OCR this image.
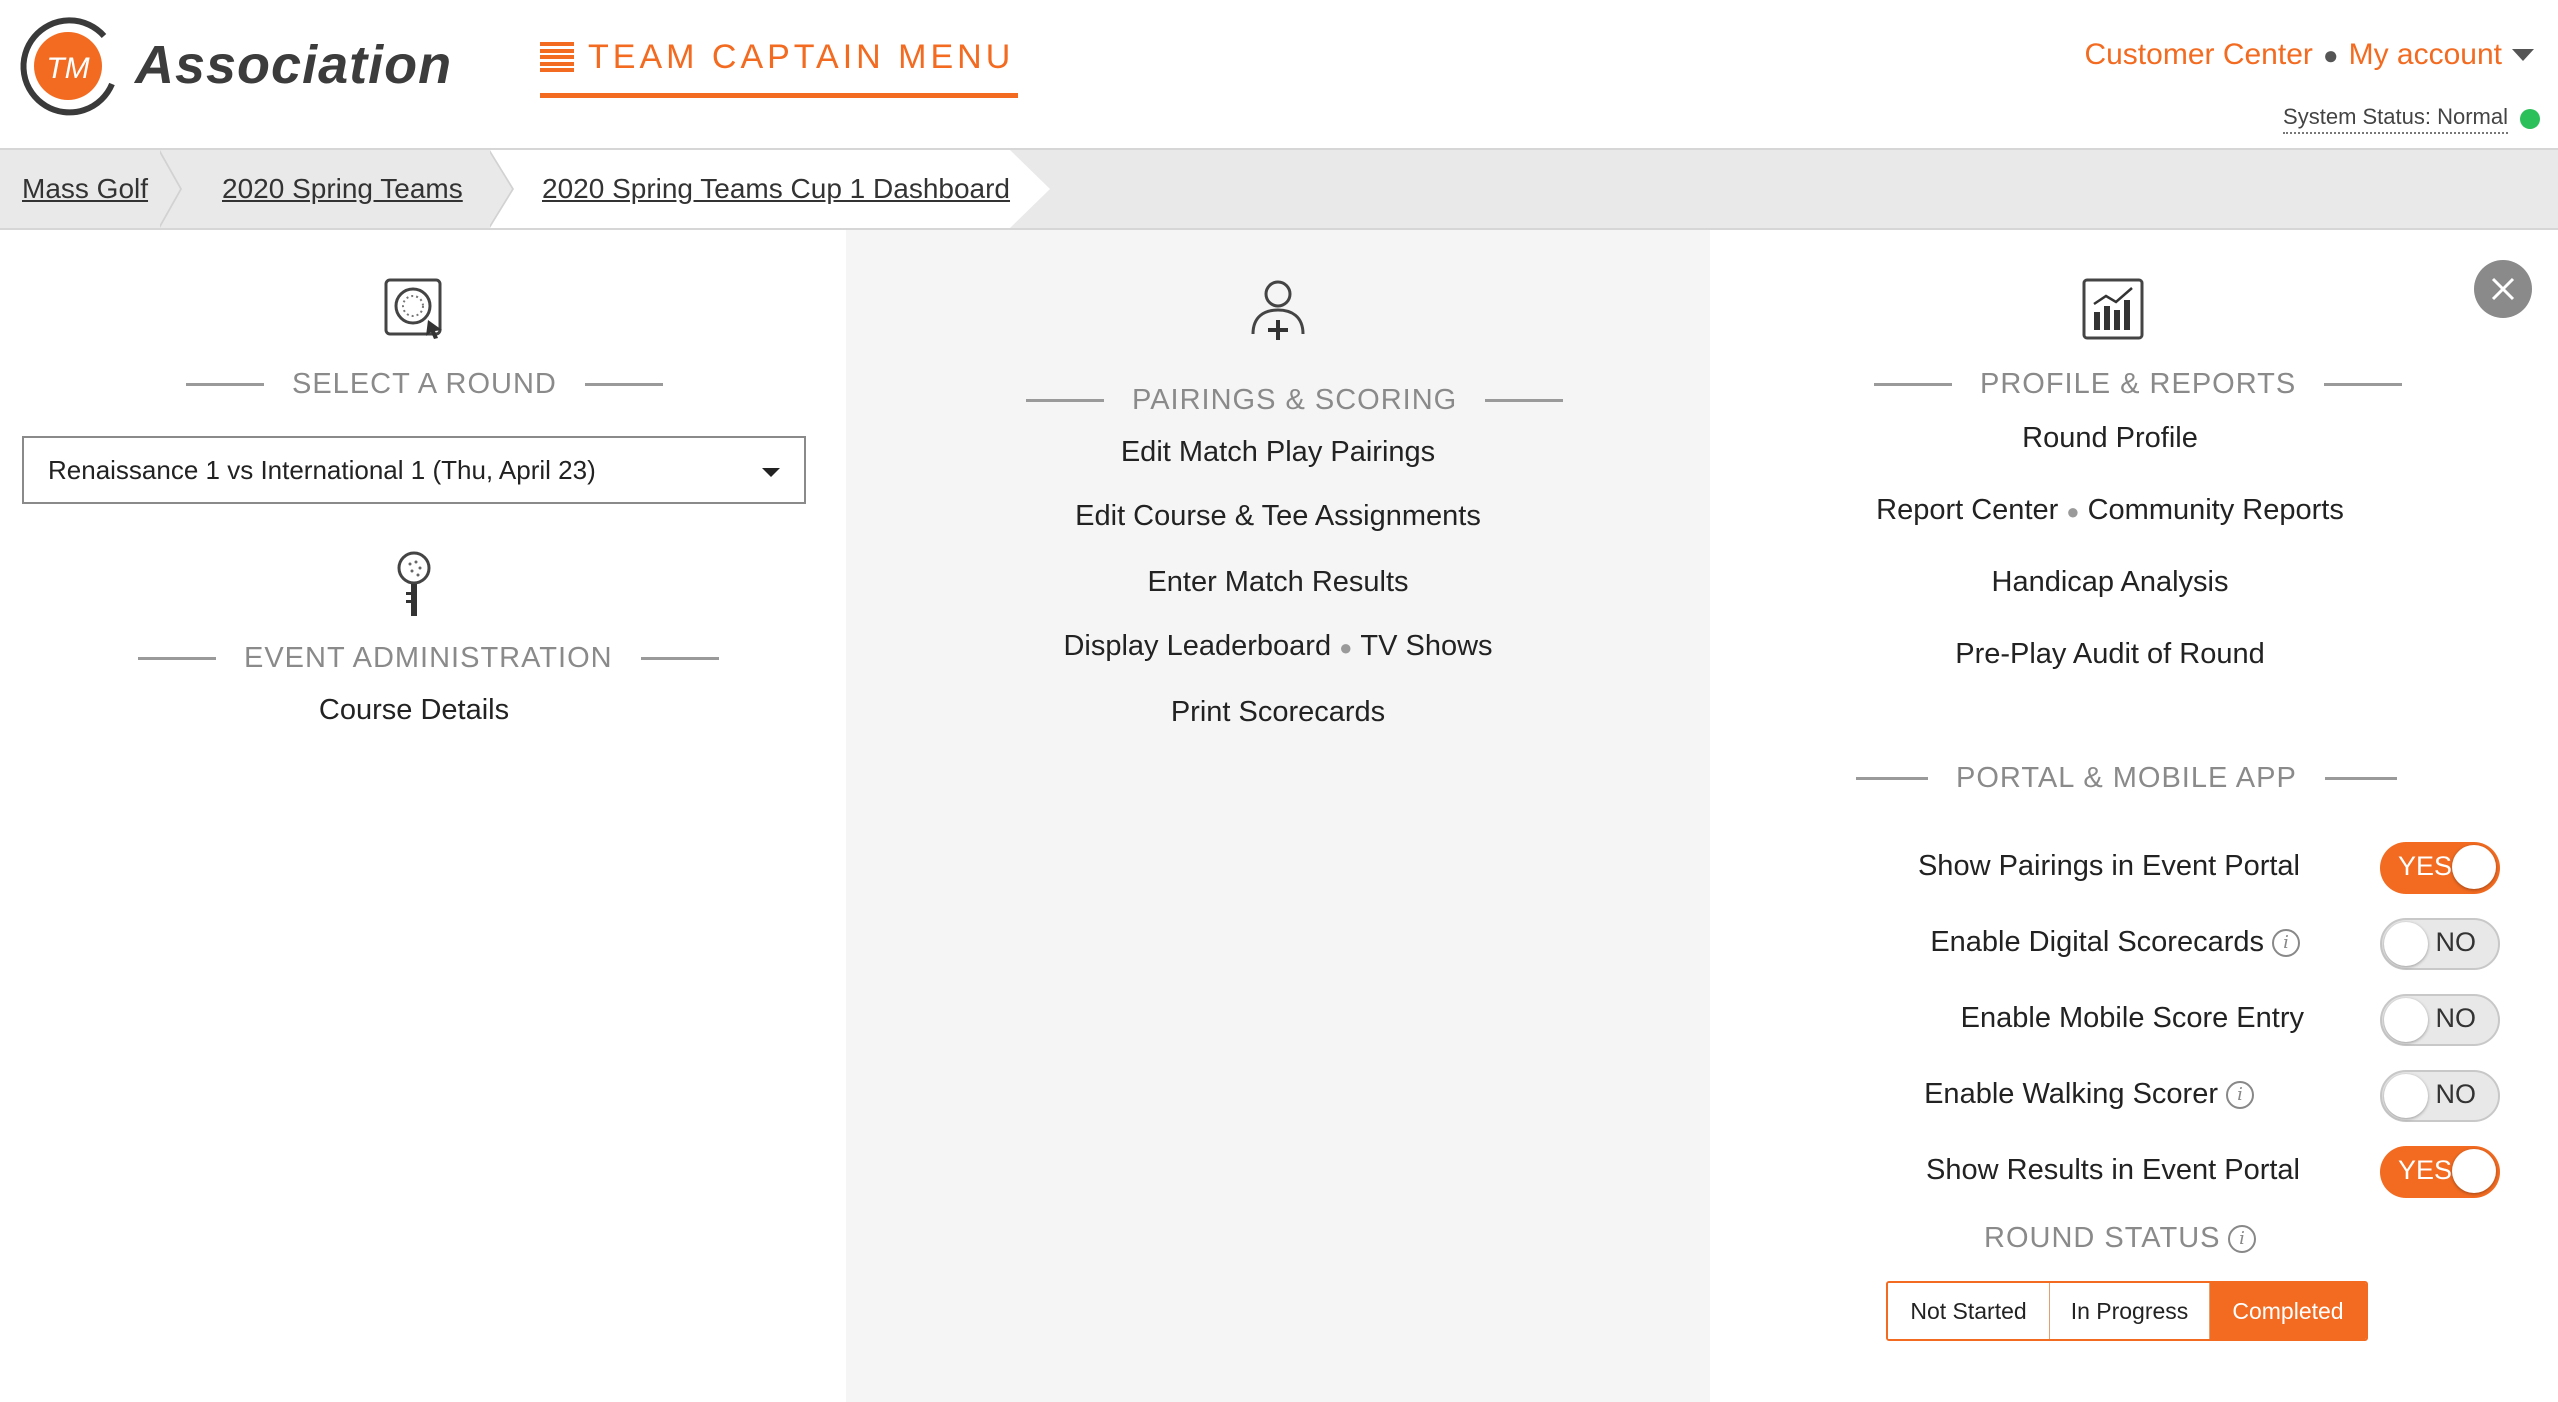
TM Association	TEAM CAPTAIN MENU	Customer Center ● My account
System Status: Normal
Mass Golf	2020 Spring Teams	2020 Spring Teams Cup 1 Dashboard
SELECT A ROUND
Renaissance 1 vs International 1 (Thu, April 23)
EVENT ADMINISTRATION
Course Details
PAIRINGS & SCORING
Edit Match Play Pairings
Edit Course & Tee Assignments
Enter Match Results
Display Leaderboard ● TV Shows
Print Scorecards
PROFILE & REPORTS
Round Profile
Report Center ● Community Reports
Handicap Analysis
Pre-Play Audit of Round
PORTAL & MOBILE APP
Show Pairings in Event Portal	YES
Enable Digital Scorecards	i	NO
Enable Mobile Score Entry	NO
Enable Walking Scorer	i	NO
Show Results in Event Portal	YES
ROUND STATUS	i
Not Started	In Progress	Completed
